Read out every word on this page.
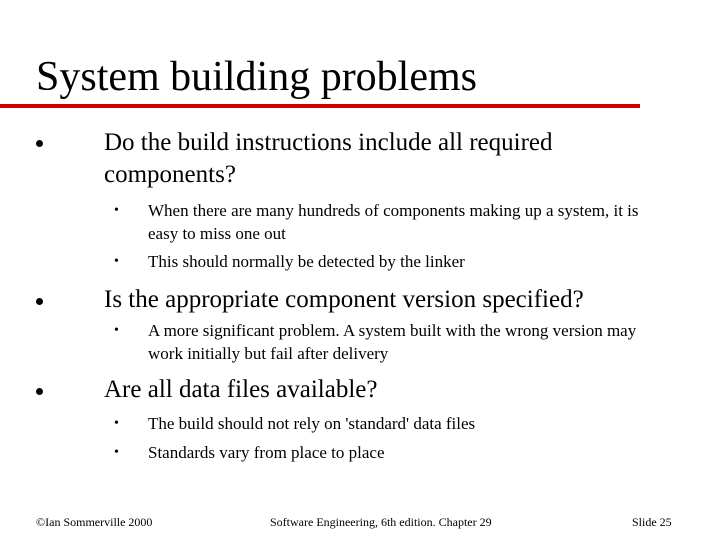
System building problems
Do the build instructions include all required components?
• When there are many hundreds of components making up a system, it is easy to miss one out
• This should normally be detected by the linker
Is the appropriate component version specified?
• A more significant problem. A system built with the wrong version may work initially but fail after delivery
Are all data files available?
• The build should not rely on 'standard' data files
• Standards vary from place to place
©Ian Sommerville 2000	Software Engineering, 6th edition. Chapter 29	Slide 25
